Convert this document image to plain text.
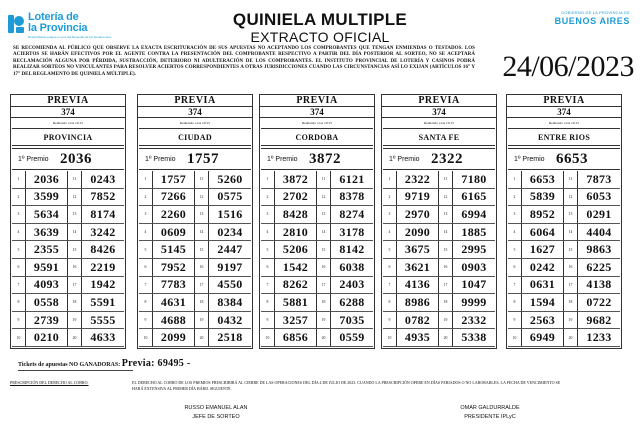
Lotería de
la Provincia
Desarrollando juegos en pos del bienestar de los bonaerenses
QUINIELA MULTIPLE
EXTRACTO OFICIAL
GOBIERNO DE LA PROVINCIA DE
BUENOS AIRES
SE RECOMIENDA AL PÚBLICO QUE OBSERVE LA EXACTA ESCRITURACIÓN DE SUS APUESTAS NO ACEPTANDO LOS COMPROBANTES QUE TENGAN ENMIENDAS O TESTADOS. LOS ACIERTOS SE HARÁN EFECTIVOS POR EL AGENTE CONTRA LA PRESENTACIÓN DEL COMPROBANTE RESPECTIVO A PARTIR DEL DÍA POSTERIOR AL SORTEO, NO SE ACEPTARÁ RECLAMACIÓN ALGUNA POR PÉRDIDA, SUSTRACCIÓN, DETERIORO NI ADULTERACIÓN DE LOS COMPROBANTES. EL INSTITUTO PROVINCIAL DE LOTERÍA Y CASINOS PODRÁ REALIZAR SORTEOS NO VINCULANTES PARA RESOLVER ACIERTOS CORRESPONDIENTES A OTRAS JURISDICCIONES CUANDO LAS CIRCUNSTANCIAS ASÍ LO EXIJAN (ARTÍCULOS 16° Y 17° DEL REGLAMENTO DE QUINIELA MÚLTIPLE).	24/06/2023
PREVIA
374
Realizado a las 10:15
PROVINCIA
1º Premio 2036
1	2036	11	0243
2	3599	12	7852
3	5634	13	8174
4	3639	14	3242
5	2355	15	8426
6	9591	16	2219
7	4093	17	1942
8	0558	18	5591
9	2739	19	5555
10	0210	20	4633
PREVIA
374
Realizado a las 10:15
CIUDAD
1º Premio 1757
1	1757	11	5260
2	7266	12	0575
3	2260	13	1516
4	0609	14	0234
5	5145	15	2447
6	7952	16	9197
7	7783	17	4550
8	4631	18	8384
9	4688	19	0432
10	2099	20	2518
PREVIA
374
Realizado a las 10:15
CORDOBA
1º Premio 3872
1	3872	11	6121
2	2702	12	8378
3	8428	13	8274
4	2810	14	3178
5	5206	15	8142
6	1542	16	6038
7	8262	17	2403
8	5881	18	6288
9	3257	19	7035
10	6856	20	0559
PREVIA
374
Realizado a las 10:15
SANTA FE
1º Premio 2322
1	2322	11	7180
2	9719	12	6165
3	2970	13	6994
4	2090	14	1885
5	3675	15	2995
6	3621	16	0903
7	4136	17	1047
8	8986	18	9999
9	0782	19	2332
10	4935	20	5338
PREVIA
374
Realizado a las 10:15
ENTRE RIOS
1º Premio 6653
1	6653	11	7873
2	5839	12	6053
3	8952	13	0291
4	6064	14	4404
5	1627	15	9863
6	0242	16	6225
7	0631	17	4138
8	1594	18	0722
9	2563	19	9682
10	6949	20	1233
Tickets de apuestas NO GANADORAS: Previa: 69495 -
PRESCRIPCIÓN DEL DERECHO AL COBRO.	EL DERECHO AL COBRO DE LOS PREMIOS PRESCRIBIRÁ AL CIERRE DE LAS OPERACIONES DEL DÍA 4 DE JULIO DE 2023. CUANDO LA PRESCRIPCIÓN OPERE EN DÍAS FERIADOS O NO LABORABLES, LA FECHA DE VENCIMIENTO SE HARÁ EXTENSIVA AL PRIMER DÍA HÁBIL SIGUIENTE.
RUSSO EMANUEL ALAN
JEFE DE SORTEO
OMAR GALDURRALDE
PRESIDENTE IPLyC
